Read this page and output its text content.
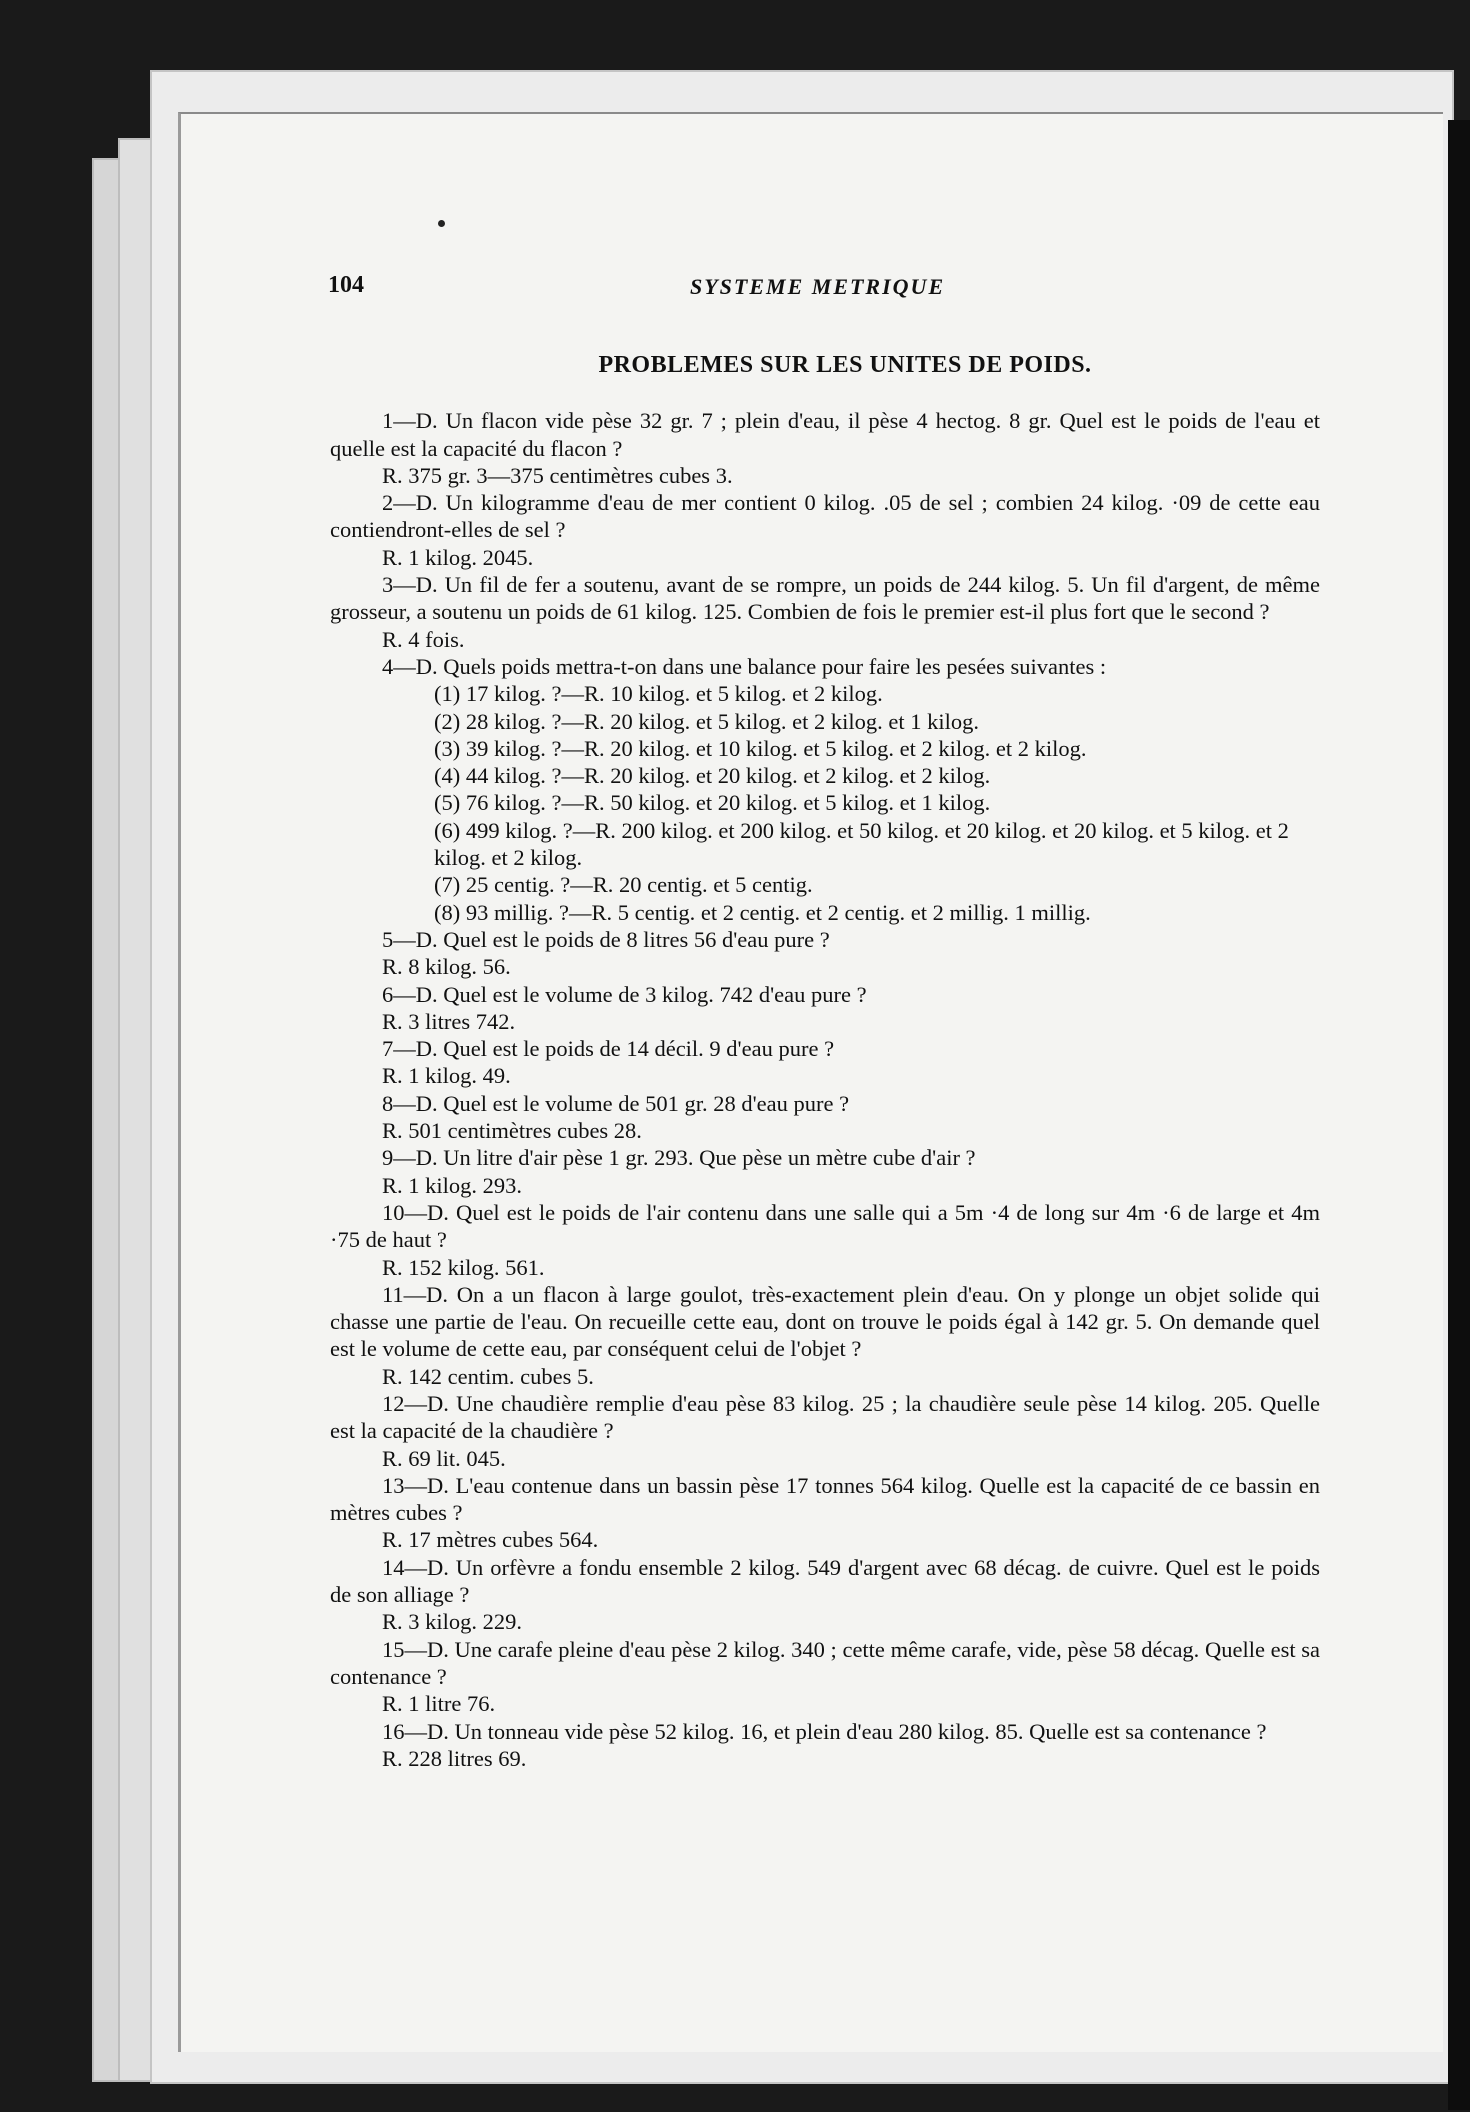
104	SYSTEME METRIQUE
PROBLEMES SUR LES UNITES DE POIDS.

1—D. Un flacon vide pèse 32 gr. 7 ; plein d'eau, il pèse 4 hectog. 8 gr. Quel est le poids de l'eau et quelle est la capacité du flacon ?

R. 375 gr. 3—375 centimètres cubes 3.

2—D. Un kilogramme d'eau de mer contient 0 kilog. .05 de sel ; combien 24 kilog. ·09 de cette eau contiendront-elles de sel ?

R. 1 kilog. 2045.

3—D. Un fil de fer a soutenu, avant de se rompre, un poids de 244 kilog. 5. Un fil d'argent, de même grosseur, a soutenu un poids de 61 kilog. 125. Combien de fois le premier est-il plus fort que le second ?

R. 4 fois.

4—D. Quels poids mettra-t-on dans une balance pour faire les pesées suivantes :

(1) 17 kilog. ?—R. 10 kilog. et 5 kilog. et 2 kilog.

(2) 28 kilog. ?—R. 20 kilog. et 5 kilog. et 2 kilog. et 1 kilog.

(3) 39 kilog. ?—R. 20 kilog. et 10 kilog. et 5 kilog. et 2 kilog. et 2 kilog.

(4) 44 kilog. ?—R. 20 kilog. et 20 kilog. et 2 kilog. et 2 kilog.

(5) 76 kilog. ?—R. 50 kilog. et 20 kilog. et 5 kilog. et 1 kilog.

(6) 499 kilog. ?—R. 200 kilog. et 200 kilog. et 50 kilog. et 20 kilog. et 20 kilog. et 5 kilog. et 2 kilog. et 2 kilog.

(7) 25 centig. ?—R. 20 centig. et 5 centig.

(8) 93 millig. ?—R. 5 centig. et 2 centig. et 2 centig. et 2 millig. 1 millig.

5—D. Quel est le poids de 8 litres 56 d'eau pure ?

R. 8 kilog. 56.

6—D. Quel est le volume de 3 kilog. 742 d'eau pure ?

R. 3 litres 742.

7—D. Quel est le poids de 14 décil. 9 d'eau pure ?

R. 1 kilog. 49.

8—D. Quel est le volume de 501 gr. 28 d'eau pure ?

R. 501 centimètres cubes 28.

9—D. Un litre d'air pèse 1 gr. 293. Que pèse un mètre cube d'air ?

R. 1 kilog. 293.

10—D. Quel est le poids de l'air contenu dans une salle qui a 5m ·4 de long sur 4m ·6 de large et 4m ·75 de haut ?

R. 152 kilog. 561.

11—D. On a un flacon à large goulot, très-exactement plein d'eau. On y plonge un objet solide qui chasse une partie de l'eau. On recueille cette eau, dont on trouve le poids égal à 142 gr. 5. On demande quel est le volume de cette eau, par conséquent celui de l'objet ?

R. 142 centim. cubes 5.

12—D. Une chaudière remplie d'eau pèse 83 kilog. 25 ; la chaudière seule pèse 14 kilog. 205. Quelle est la capacité de la chaudière ?

R. 69 lit. 045.

13—D. L'eau contenue dans un bassin pèse 17 tonnes 564 kilog. Quelle est la capacité de ce bassin en mètres cubes ?

R. 17 mètres cubes 564.

14—D. Un orfèvre a fondu ensemble 2 kilog. 549 d'argent avec 68 décag. de cuivre. Quel est le poids de son alliage ?

R. 3 kilog. 229.

15—D. Une carafe pleine d'eau pèse 2 kilog. 340 ; cette même carafe, vide, pèse 58 décag. Quelle est sa contenance ?

R. 1 litre 76.

16—D. Un tonneau vide pèse 52 kilog. 16, et plein d'eau 280 kilog. 85. Quelle est sa contenance ?

R. 228 litres 69.
